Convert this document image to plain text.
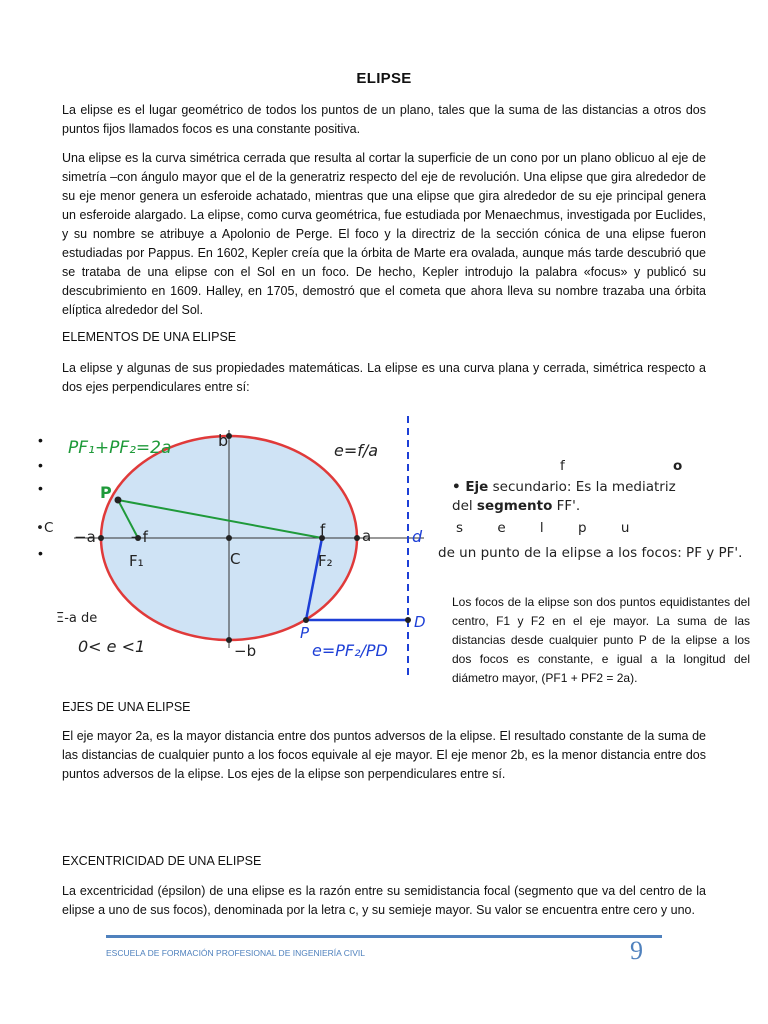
ELIPSE
La elipse es el lugar geométrico de todos los puntos de un plano, tales que la suma de las distancias a otros dos puntos fijos llamados focos es una constante positiva.
Una elipse es la curva simétrica cerrada que resulta al cortar la superficie de un cono por un plano oblicuo al eje de simetría –con ángulo mayor que el de la generatriz respecto del eje de revolución. Una elipse que gira alrededor de su eje menor genera un esferoide achatado, mientras que una elipse que gira alrededor de su eje principal genera un esferoide alargado. La elipse, como curva geométrica, fue estudiada por Menaechmus, investigada por Euclides, y su nombre se atribuye a Apolonio de Perge. El foco y la directriz de la sección cónica de una elipse fueron estudiadas por Pappus. En 1602, Kepler creía que la órbita de Marte era ovalada, aunque más tarde descubrió que se trataba de una elipse con el Sol en un foco. De hecho, Kepler introdujo la palabra «focus» y publicó su descubrimiento en 1609. Halley, en 1705, demostró que el cometa que ahora lleva su nombre trazaba una órbita elíptica alrededor del Sol.
ELEMENTOS DE UNA ELIPSE
La elipse y algunas de sus propiedades matemáticas. La elipse es una curva plana y cerrada, simétrica respecto a dos ejes perpendiculares entre sí:
PF₁+PF₂=2a	b
e=f/a
P
−a −f	f a	d
F₁	C	F₂
Ξ-a de
P
D
0< e <1	−b	e=PF₂/PD
•
•
•
•
f	o
• Eje secundario: Es la mediatriz
del segmento FF'.
•C	s e l p u
de un punto de la elipse a los focos: PF y PF'.
Los focos de la elipse son dos puntos equidistantes del centro, F1 y F2 en el eje mayor. La suma de las distancias desde cualquier punto P de la elipse a los dos focos es constante, e igual a la longitud del diámetro mayor, (PF1 + PF2 = 2a).
EJES DE UNA ELIPSE
El eje mayor 2a, es la mayor distancia entre dos puntos adversos de la elipse. El resultado constante de la suma de las distancias de cualquier punto a los focos equivale al eje mayor. El eje menor 2b, es la menor distancia entre dos puntos adversos de la elipse. Los ejes de la elipse son perpendiculares entre sí.
EXCENTRICIDAD DE UNA ELIPSE
La excentricidad (épsilon) de una elipse es la razón entre su semidistancia focal (segmento que va del centro de la elipse a uno de sus focos), denominada por la letra c, y su semieje mayor. Su valor se encuentra entre cero y uno.
ESCUELA DE FORMACIÓN PROFESIONAL DE INGENIERÍA CIVIL	9
